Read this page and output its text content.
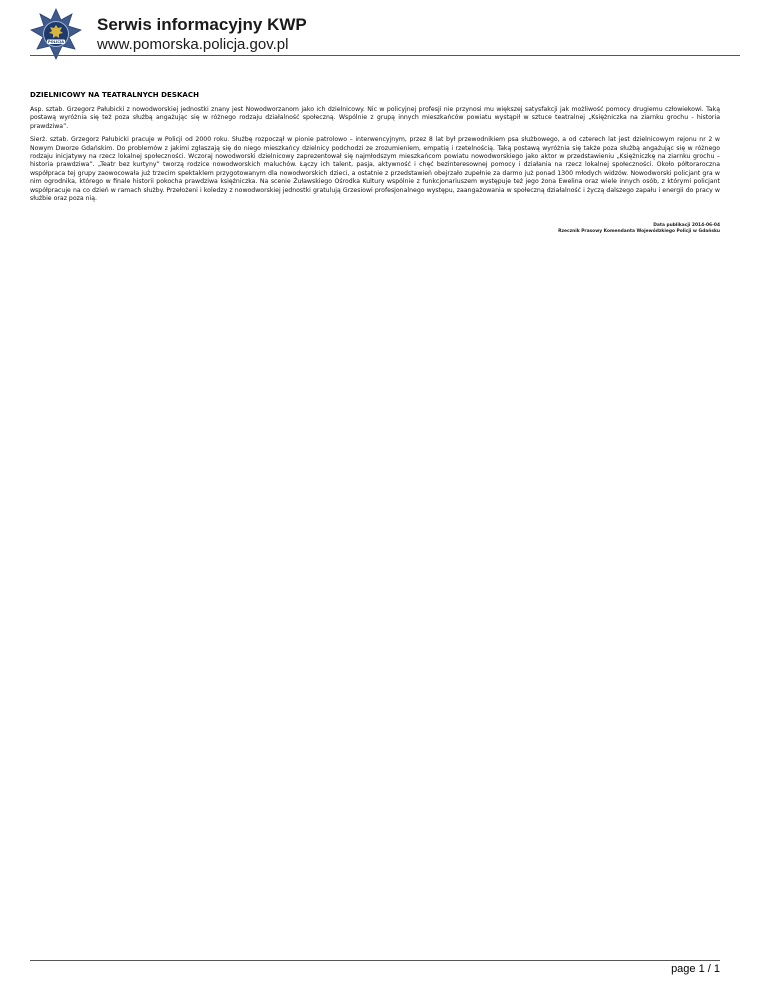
POLICJA
Serwis informacyjny KWP
www.pomorska.policja.gov.pl
DZIELNICOWY NA TEATRALNYCH DESKACH

Asp. sztab. Grzegorz Pałubicki z nowodworskiej jednostki znany jest Nowodworzanom jako ich dzielnicowy. Nic w policyjnej profesji nie przynosi mu większej satysfakcji jak możliwość pomocy drugiemu człowiekowi. Taką postawą wyróżnia się też poza służbą angażując się w różnego rodzaju działalność społeczną. Wspólnie z grupą innych mieszkańców powiatu wystąpił w sztuce teatralnej „Księżniczka na ziarnku grochu - historia prawdziwa”.

Sierż. sztab. Grzegorz Pałubicki pracuje w Policji od 2000 roku. Służbę rozpoczął w pionie patrolowo – interwencyjnym, przez 8 lat był przewodnikiem psa służbowego, a od czterech lat jest dzielnicowym rejonu nr 2 w Nowym Dworze Gdańskim. Do problemów z jakimi zgłaszają się do niego mieszkańcy dzielnicy podchodzi ze zrozumieniem, empatią i rzetelnością. Taką postawą wyróżnia się także poza służbą angażując się w różnego rodzaju inicjatywy na rzecz lokalnej społeczności. Wczoraj nowodworski dzielnicowy zaprezentował się najmłodszym mieszkańcom powiatu nowodworskiego jako aktor w przedstawieniu „Księżniczkę na ziarnku grochu – historia prawdziwa”. „Teatr bez kurtyny” tworzą rodzice nowodworskich maluchów. Łączy ich talent, pasja, aktywność i chęć bezinteresownej pomocy i działania na rzecz lokalnej społeczności. Około półtoraroczna współpraca tej grupy zaowocowała już trzecim spektaklem przygotowanym dla nowodworskich dzieci, a ostatnie z przedstawień obejrzało zupełnie za darmo już ponad 1300 młodych widzów. Nowodworski policjant gra w nim ogrodnika, którego w finale historii pokocha prawdziwa księżniczka. Na scenie Żuławskiego Ośrodka Kultury wspólnie z funkcjonariuszem występuje też jego żona Ewelina oraz wiele innych osób, z którymi policjant współpracuje na co dzień w ramach służby. Przełożeni i koledzy z nowodworskiej jednostki gratulują Grzesiowi profesjonalnego występu, zaangażowania w społeczną działalność i życzą dalszego zapału i energii do pracy w służbie oraz poza nią.

Data publikacji 2014-06-04
Rzecznik Prasowy Komendanta Wojewódzkiego Policji w Gdańsku
page 1 / 1
